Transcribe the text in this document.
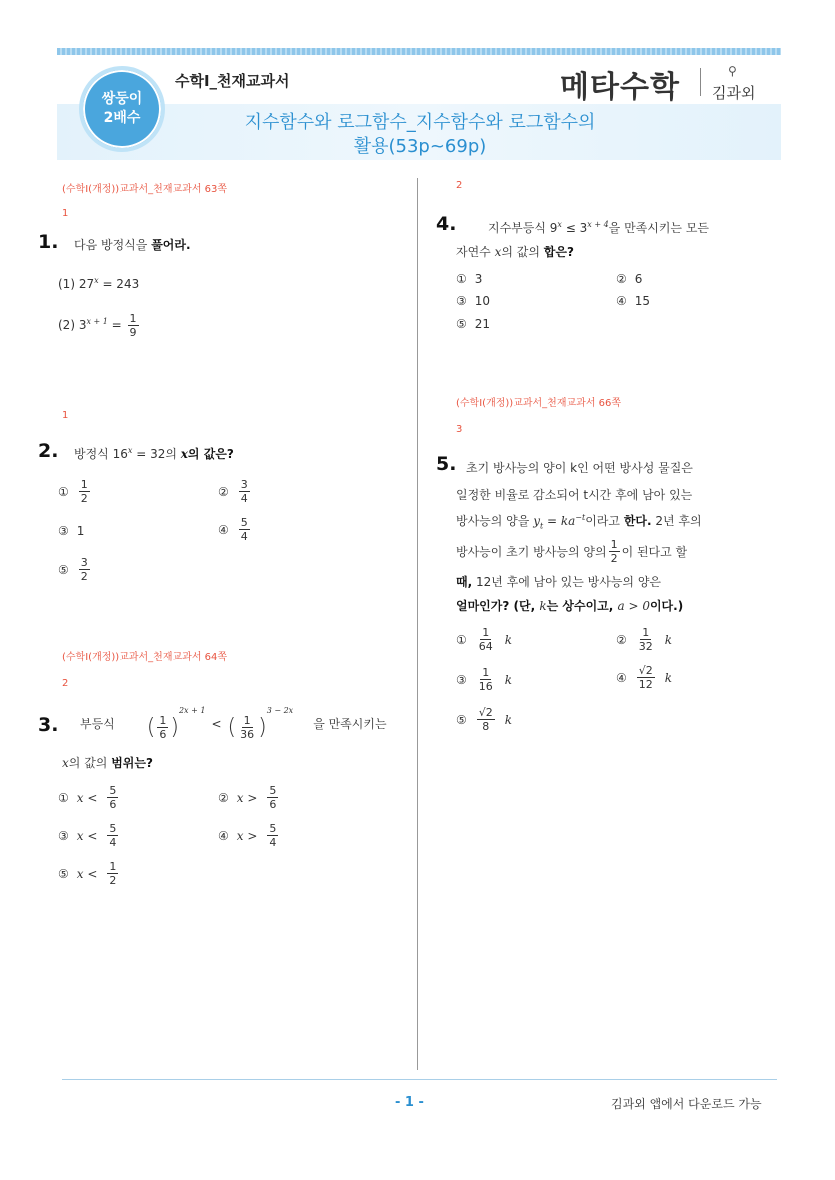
쌍둥이
2배수
수학Ⅰ_천재교과서
지수함수와 로그함수_지수함수와 로그함수의
활용(53p~69p)
메타수학	⚲
김과외
(수학I(개정))교과서_천재교과서 63쪽
1
1. 다음 방정식을 풀어라.
(1) $27^x = 243$
(2) $3^{x + 1} = \frac{1}{9}$
1
2. 방정식 $16^x = 32$의 x의 값은?
① $\frac{1}{2}$	② $\frac{3}{4}$
③ 1	④ $\frac{5}{4}$
⑤ $\frac{3}{2}$
(수학I(개정))교과서_천재교과서 64쪽
2
3. 부등식 ( $\frac{1}{6} )^{2x + 1}$
< ( $\frac{1}{36} )^{3 - 2x}$
을 만족시키는
x의 값의 범위는?
① $x < \frac{5}{6}$	② $x > \frac{5}{6}$
③ $x < \frac{5}{4}$	④ $x > \frac{5}{4}$
⑤ $x < \frac{1}{2}$
2
4.	지수부등식 $9^x \le 3^{x + 4}$을 만족시키는 모든
자연수 x의 값의 합은?
① 3	② 6
③ 10	④ 15
⑤ 21
(수학I(개정))교과서_천재교과서 66쪽
3
5. 초기 방사능의 양이 k인 어떤 방사성 물질은
일정한 비율로 감소되어 t시간 후에 남아 있는
방사능의 양을 $y_t = ka^{-t}$이라고 한다. 2년 후의
방사능이 초기 방사능의 양의 $\frac{1}{2}$ 이 된다고 할
때, 12년 후에 남아 있는 방사능의 양은
얼마인가? (단, k는 상수이고, a > 0이다.)
① $\frac{1}{64}$ k	② $\frac{1}{32}$ k
③ $\frac{1}{16}$ k	④ $\frac{√2}{12}$ k
⑤ $\frac{√2}{8}$ k
- 1 -	김과외 앱에서 다운로드 가능
